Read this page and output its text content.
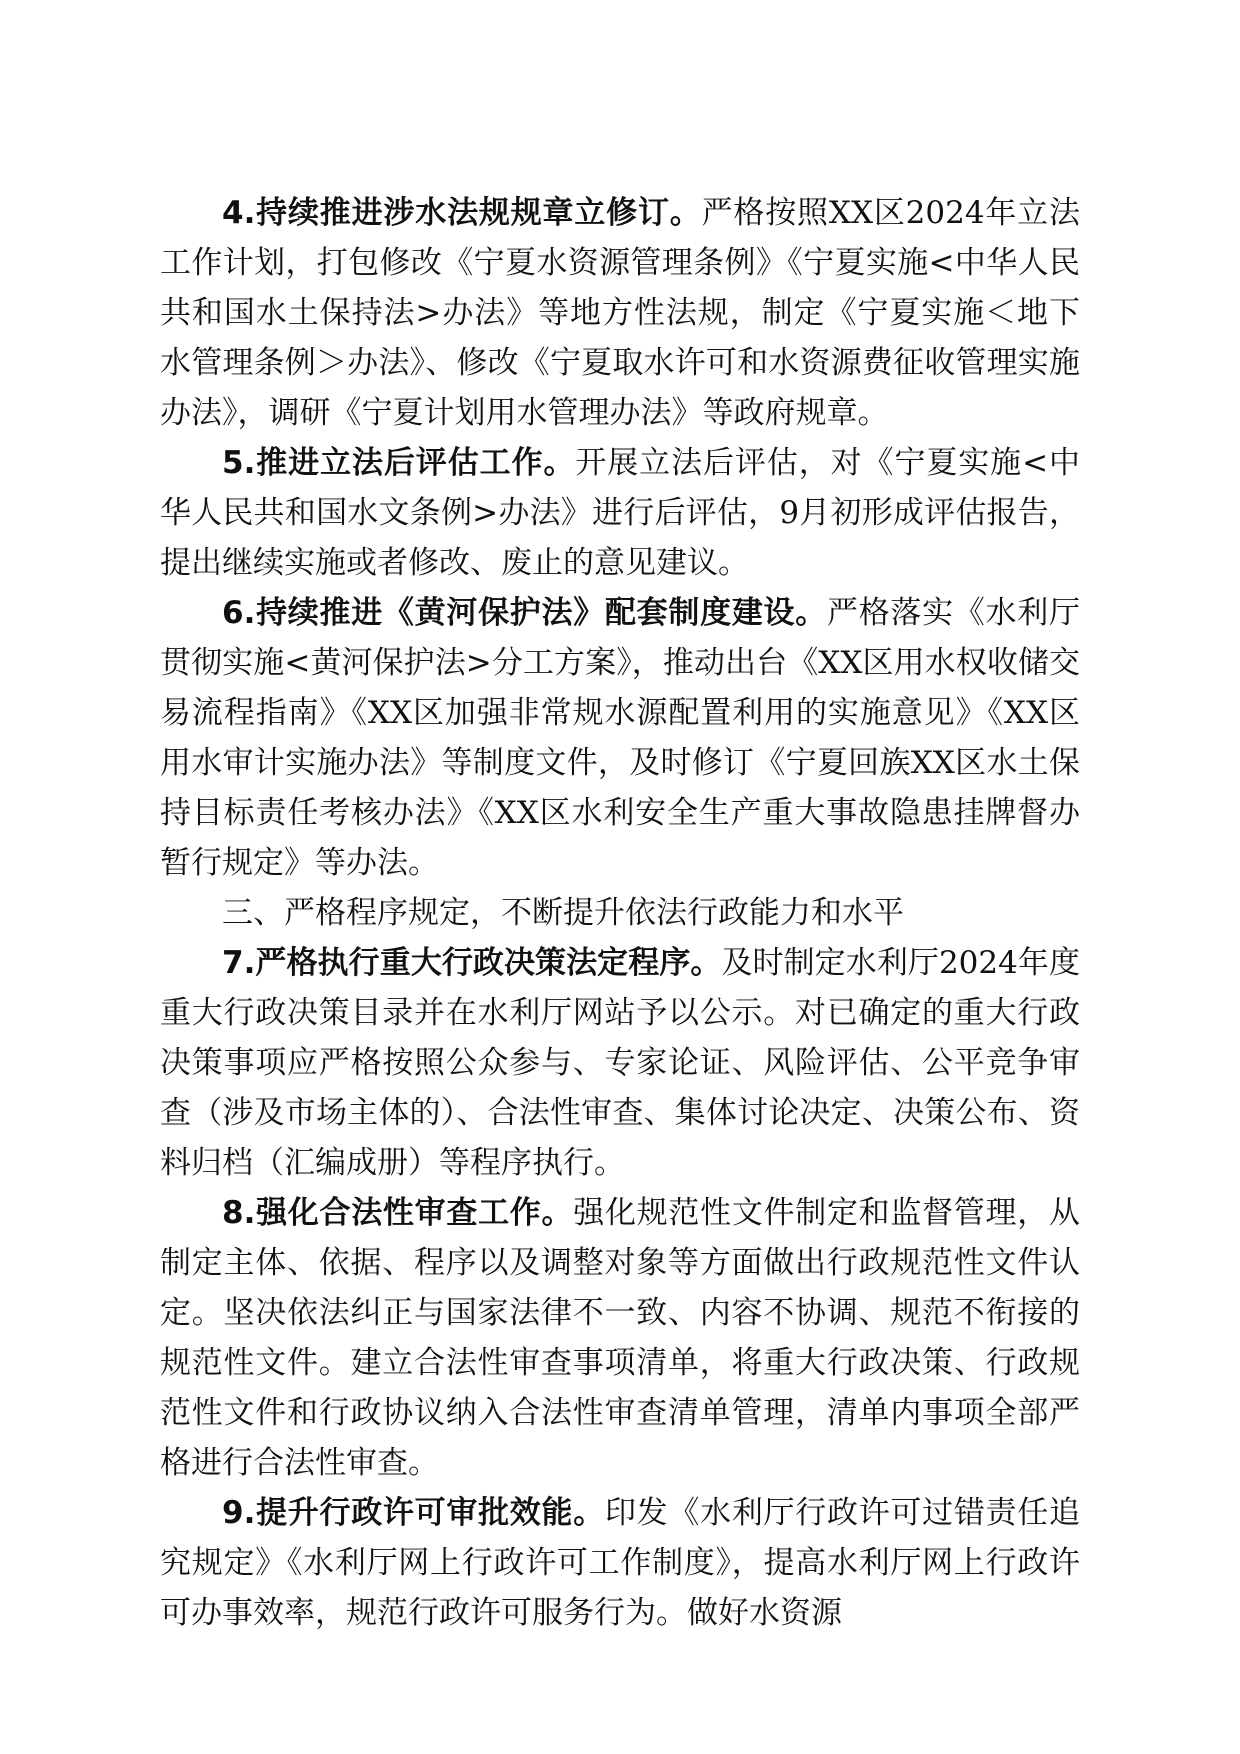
4.持续推进涉水法规规章立修订。严格按照XX区2024年立法工作计划，打包修改《宁夏水资源管理条例》《宁夏实施<中华人民共和国水土保持法>办法》等地方性法规，制定《宁夏实施＜地下水管理条例＞办法》、修改《宁夏取水许可和水资源费征收管理实施办法》，调研《宁夏计划用水管理办法》等政府规章。

5.推进立法后评估工作。开展立法后评估，对《宁夏实施<中华人民共和国水文条例>办法》进行后评估，9月初形成评估报告，提出继续实施或者修改、废止的意见建议。

6.持续推进《黄河保护法》配套制度建设。严格落实《水利厅贯彻实施<黄河保护法>分工方案》，推动出台《XX区用水权收储交易流程指南》《XX区加强非常规水源配置利用的实施意见》《XX区用水审计实施办法》等制度文件，及时修订《宁夏回族XX区水土保持目标责任考核办法》《XX区水利安全生产重大事故隐患挂牌督办暂行规定》等办法。

三、严格程序规定，不断提升依法行政能力和水平

7.严格执行重大行政决策法定程序。及时制定水利厅2024年度重大行政决策目录并在水利厅网站予以公示。对已确定的重大行政决策事项应严格按照公众参与、专家论证、风险评估、公平竞争审查（涉及市场主体的）、合法性审查、集体讨论决定、决策公布、资料归档（汇编成册）等程序执行。

8.强化合法性审查工作。强化规范性文件制定和监督管理，从制定主体、依据、程序以及调整对象等方面做出行政规范性文件认定。坚决依法纠正与国家法律不一致、内容不协调、规范不衔接的规范性文件。建立合法性审查事项清单，将重大行政决策、行政规范性文件和行政协议纳入合法性审查清单管理，清单内事项全部严格进行合法性审查。

9.提升行政许可审批效能。印发《水利厅行政许可过错责任追究规定》《水利厅网上行政许可工作制度》，提高水利厅网上行政许可办事效率，规范行政许可服务行为。做好水资源
